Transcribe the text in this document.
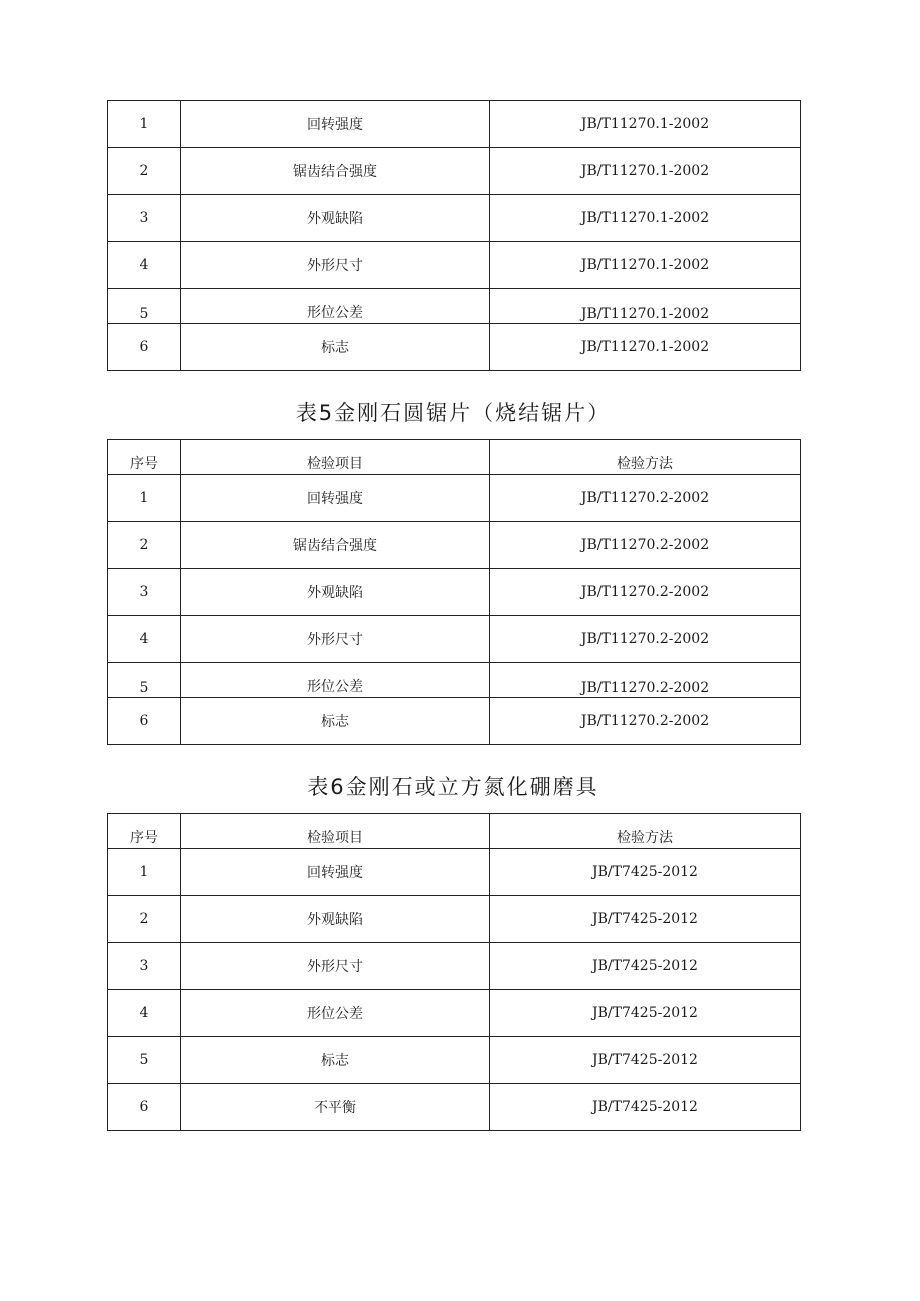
1	回转强度	JB/T11270.1-2002
2	锯齿结合强度	JB/T11270.1-2002
3	外观缺陷	JB/T11270.1-2002
4	外形尺寸	JB/T11270.1-2002
5	形位公差	JB/T11270.1-2002
6	标志	JB/T11270.1-2002
表5金刚石圆锯片（烧结锯片）
序号	检验项目	检验方法
1	回转强度	JB/T11270.2-2002
2	锯齿结合强度	JB/T11270.2-2002
3	外观缺陷	JB/T11270.2-2002
4	外形尺寸	JB/T11270.2-2002
5	形位公差	JB/T11270.2-2002
6	标志	JB/T11270.2-2002
表6金刚石或立方氮化硼磨具
序号	检验项目	检验方法
1	回转强度	JB/T7425-2012
2	外观缺陷	JB/T7425-2012
3	外形尺寸	JB/T7425-2012
4	形位公差	JB/T7425-2012
5	标志	JB/T7425-2012
6	不平衡	JB/T7425-2012
